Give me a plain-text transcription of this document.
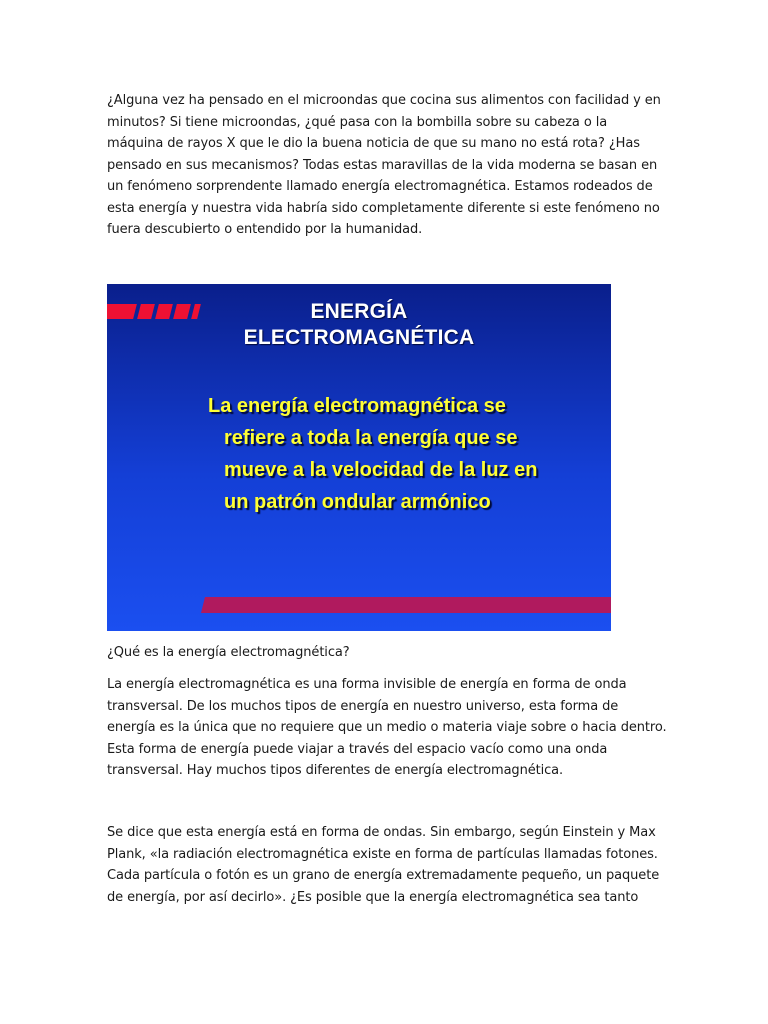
¿Alguna vez ha pensado en el microondas que cocina sus alimentos con facilidad y en minutos? Si tiene microondas, ¿qué pasa con la bombilla sobre su cabeza o la máquina de rayos X que le dio la buena noticia de que su mano no está rota? ¿Has pensado en sus mecanismos? Todas estas maravillas de la vida moderna se basan en un fenómeno sorprendente llamado energía electromagnética. Estamos rodeados de esta energía y nuestra vida habría sido completamente diferente si este fenómeno no fuera descubierto o entendido por la humanidad.

ENERGÍA
ELECTROMAGNÉTICA
La energía electromagnética se
refiere a toda la energía que se
mueve a la velocidad de la luz en
un patrón ondular armónico

¿Qué es la energía electromagnética?

La energía electromagnética es una forma invisible de energía en forma de onda transversal. De los muchos tipos de energía en nuestro universo, esta forma de energía es la única que no requiere que un medio o materia viaje sobre o hacia dentro. Esta forma de energía puede viajar a través del espacio vacío como una onda transversal. Hay muchos tipos diferentes de energía electromagnética.

Se dice que esta energía está en forma de ondas. Sin embargo, según Einstein y Max Plank, «la radiación electromagnética existe en forma de partículas llamadas fotones. Cada partícula o fotón es un grano de energía extremadamente pequeño, un paquete de energía, por así decirlo». ¿Es posible que la energía electromagnética sea tanto
